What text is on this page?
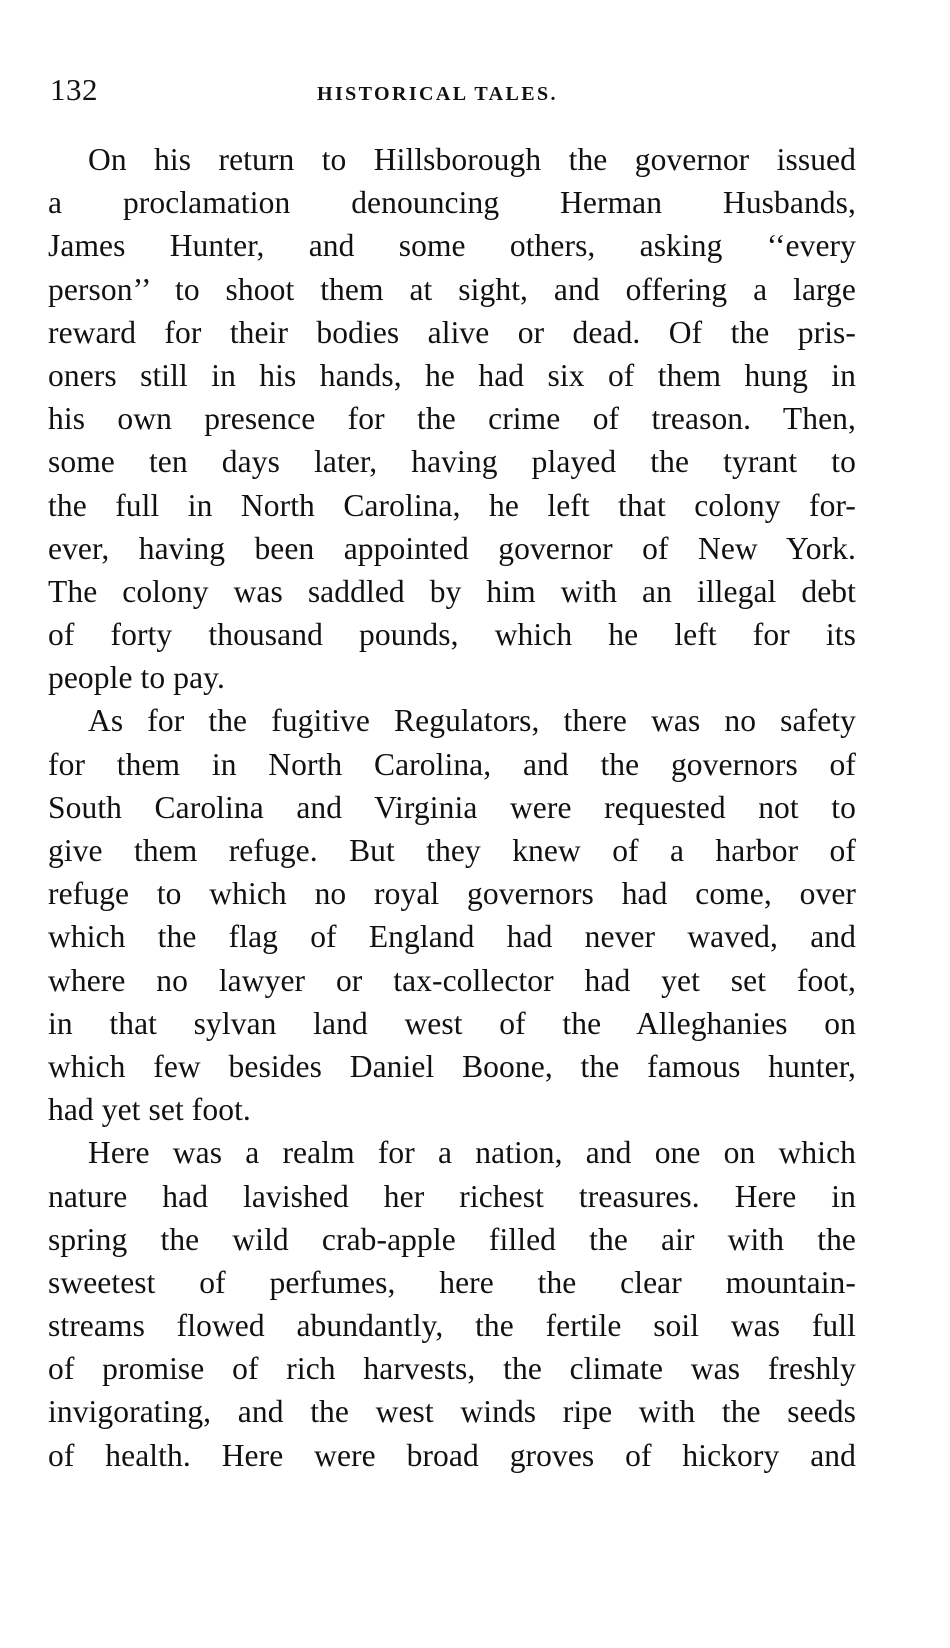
132	HISTORICAL TALES.
On his return to Hillsborough the governor issued
a proclamation denouncing Herman Husbands,
James Hunter, and some others, asking ‘‘every
person’’ to shoot them at sight, and offering a large
reward for their bodies alive or dead. Of the pris-
oners still in his hands, he had six of them hung in
his own presence for the crime of treason. Then,
some ten days later, having played the tyrant to
the full in North Carolina, he left that colony for-
ever, having been appointed governor of New York.
The colony was saddled by him with an illegal debt
of forty thousand pounds, which he left for its
people to pay.
As for the fugitive Regulators, there was no safety
for them in North Carolina, and the governors of
South Carolina and Virginia were requested not to
give them refuge. But they knew of a harbor of
refuge to which no royal governors had come, over
which the flag of England had never waved, and
where no lawyer or tax-collector had yet set foot,
in that sylvan land west of the Alleghanies on
which few besides Daniel Boone, the famous hunter,
had yet set foot.
Here was a realm for a nation, and one on which
nature had lavished her richest treasures. Here in
spring the wild crab-apple filled the air with the
sweetest of perfumes, here the clear mountain-
streams flowed abundantly, the fertile soil was full
of promise of rich harvests, the climate was freshly
invigorating, and the west winds ripe with the seeds
of health. Here were broad groves of hickory and
